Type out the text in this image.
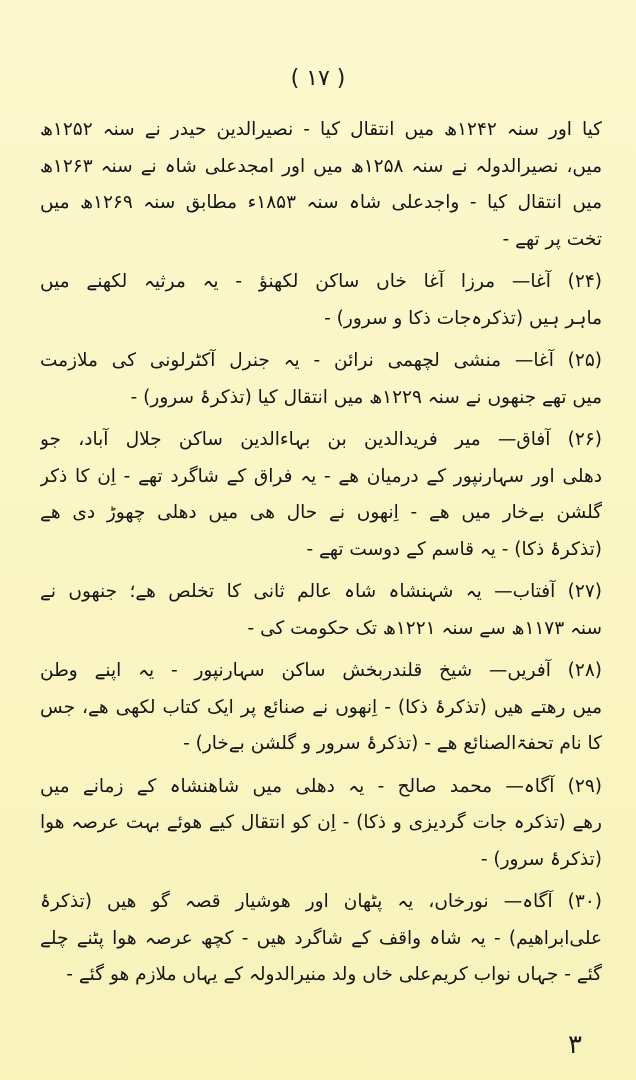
( ۱۷ )
کیا اور سنہ ۱۲۴۲ھ میں انتقال کیا - نصیرالدین حیدر نے سنہ ۱۲۵۲ھ
میں، نصیرالدولہ نے سنہ ۱۲۵۸ھ میں اور امجدعلی شاہ نے سنہ ۱۲۶۳ھ
میں انتقال کیا - واجدعلی شاہ سنہ ۱۸۵۳ء مطابق سنہ ۱۲۶۹ھ میں
تخت پر تھے -
(۲۴) آغا— مرزا آغا خاں ساکن لکھنؤ - یہ مرثیہ لکھنے میں
ماہر ہیں (تذکرہ‌جات ذکا و سرور) -
(۲۵) آغا— منشی لچھمی نرائن - یہ جنرل آکٹرلونی کی ملازمت
میں تھے جنھوں نے سنہ ۱۲۲۹ھ میں انتقال کیا (تذکرۂ سرور) -
(۲۶) آفاق— میر فریدالدین بن بہاءالدین ساکن جلال آباد، جو
دھلی اور سہارنپور کے درمیان ھے - یہ فراق کے شاگرد تھے - اِن کا ذکر
گلشن بےخار میں ھے - اِنھوں نے حال ھی میں دھلی چھوڑ دی ھے
(تذکرۂ ذکا) - یہ قاسم کے دوست تھے -
(۲۷) آفتاب— یہ شہنشاہ شاہ عالم ثانی کا تخلص ھے؛ جنھوں نے
سنہ ۱۱۷۳ھ سے سنہ ۱۲۲۱ھ تک حکومت کی -
(۲۸) آفریں— شیخ قلندربخش ساکن سہارنپور - یہ اپنے وطن
میں رھتے ھیں (تذکرۂ ذکا) - اِنھوں نے صنائع پر ایک کتاب لکھی ھے، جس
کا نام تحفۃالصنائع ھے - (تذکرۂ سرور و گلشن بےخار) -
(۲۹) آگاہ— محمد صالح - یہ دھلی میں شاھنشاہ کے زمانے میں
رھے (تذکرہ جات گردیزی و ذکا) - اِن کو انتقال کیے ھوئے بہت عرصہ ھوا
(تذکرۂ سرور) -
(۳۰) آگاہ— نورخاں، یہ پٹھان اور ھوشیار قصہ گو ھیں (تذکرۂ
علی‌ابراھیم) - یہ شاہ واقف کے شاگرد ھیں - کچھ عرصہ ھوا پٹنے چلے
گئے - جہاں نواب کریم‌علی خاں ولد منیرالدولہ کے یہاں ملازم ھو گئے -
۳
